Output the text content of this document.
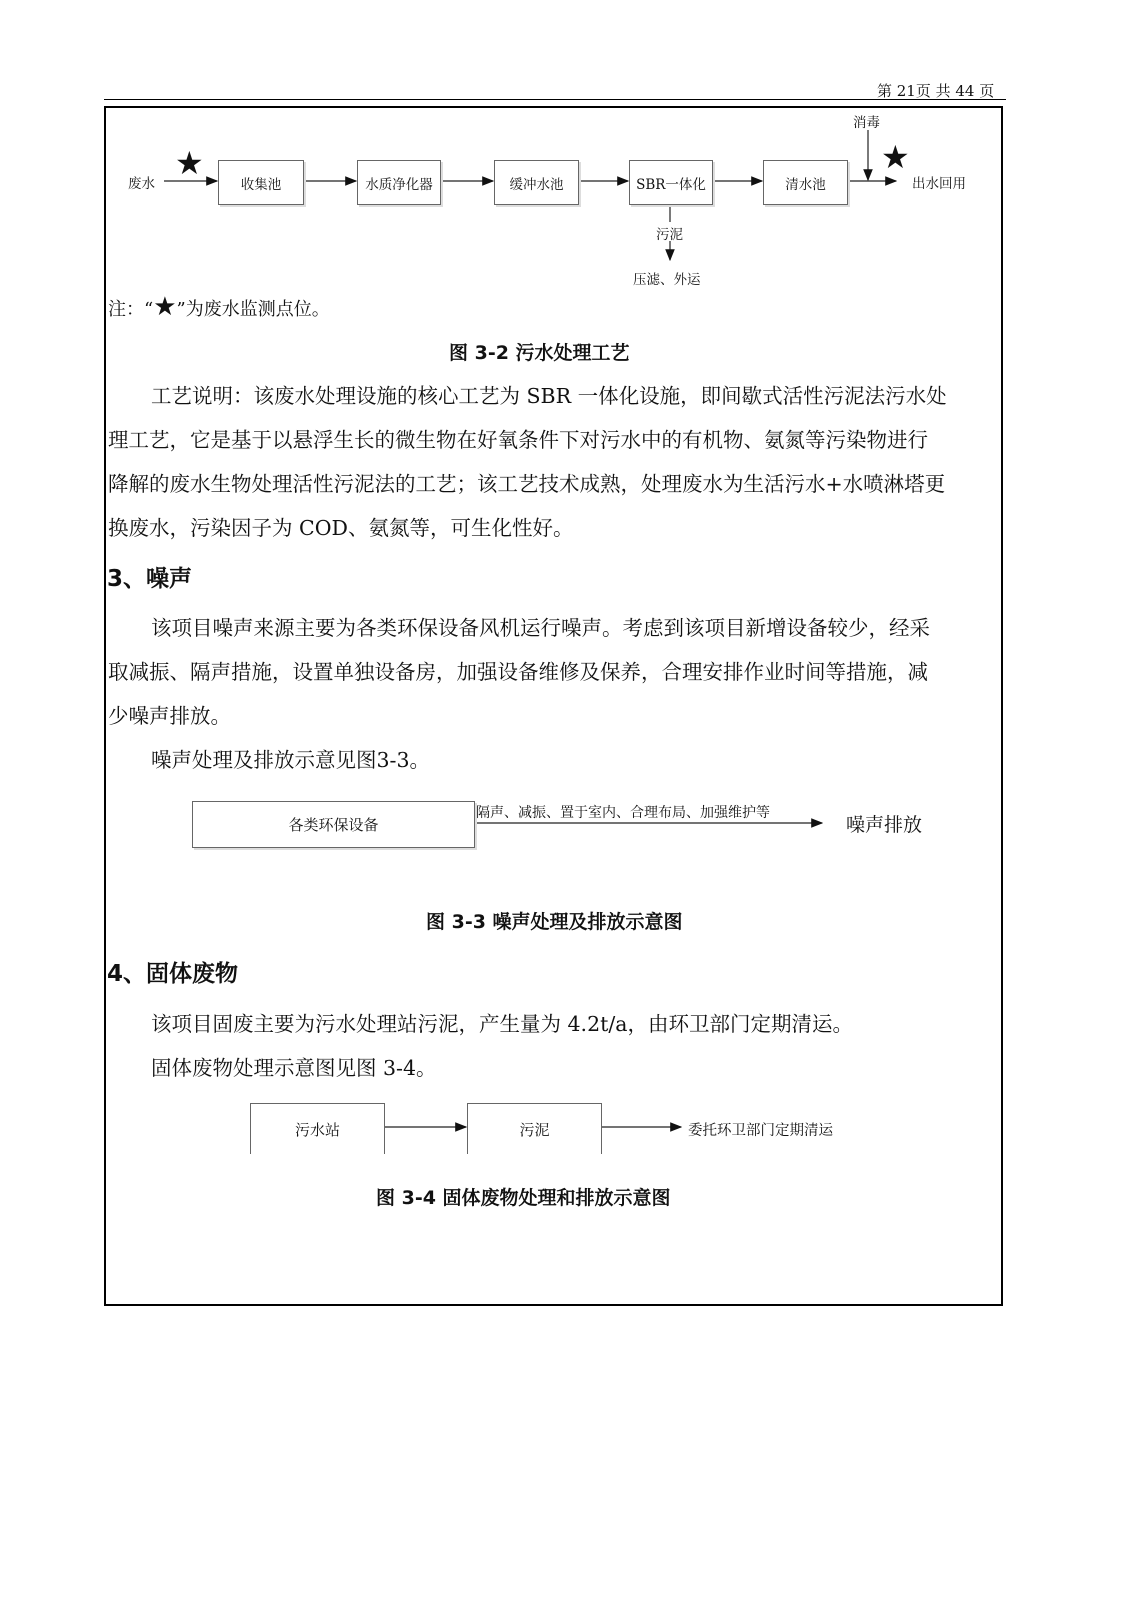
第 21页 共 44 页
废水
★
收集池	水质净化器	缓冲水池	SBR一体化	清水池
消毒
★
出水回用
污泥
压滤、外运
注：“★”为废水监测点位。
图 3-2 污水处理工艺
工艺说明：该废水处理设施的核心工艺为 SBR 一体化设施，即间歇式活性污泥法污水处
理工艺，它是基于以悬浮生长的微生物在好氧条件下对污水中的有机物、氨氮等污染物进行
降解的废水生物处理活性污泥法的工艺；该工艺技术成熟，处理废水为生活污水+水喷淋塔更
换废水，污染因子为 COD、氨氮等，可生化性好。
3、噪声
该项目噪声来源主要为各类环保设备风机运行噪声。考虑到该项目新增设备较少，经采
取减振、隔声措施，设置单独设备房，加强设备维修及保养，合理安排作业时间等措施，减
少噪声排放。
噪声处理及排放示意见图3-3。
各类环保设备
隔声、减振、置于室内、合理布局、加强维护等
噪声排放
图 3-3 噪声处理及排放示意图
4、固体废物
该项目固废主要为污水处理站污泥，产生量为 4.2t/a，由环卫部门定期清运。
固体废物处理示意图见图 3-4。
污水站	污泥	委托环卫部门定期清运
图 3-4 固体废物处理和排放示意图
